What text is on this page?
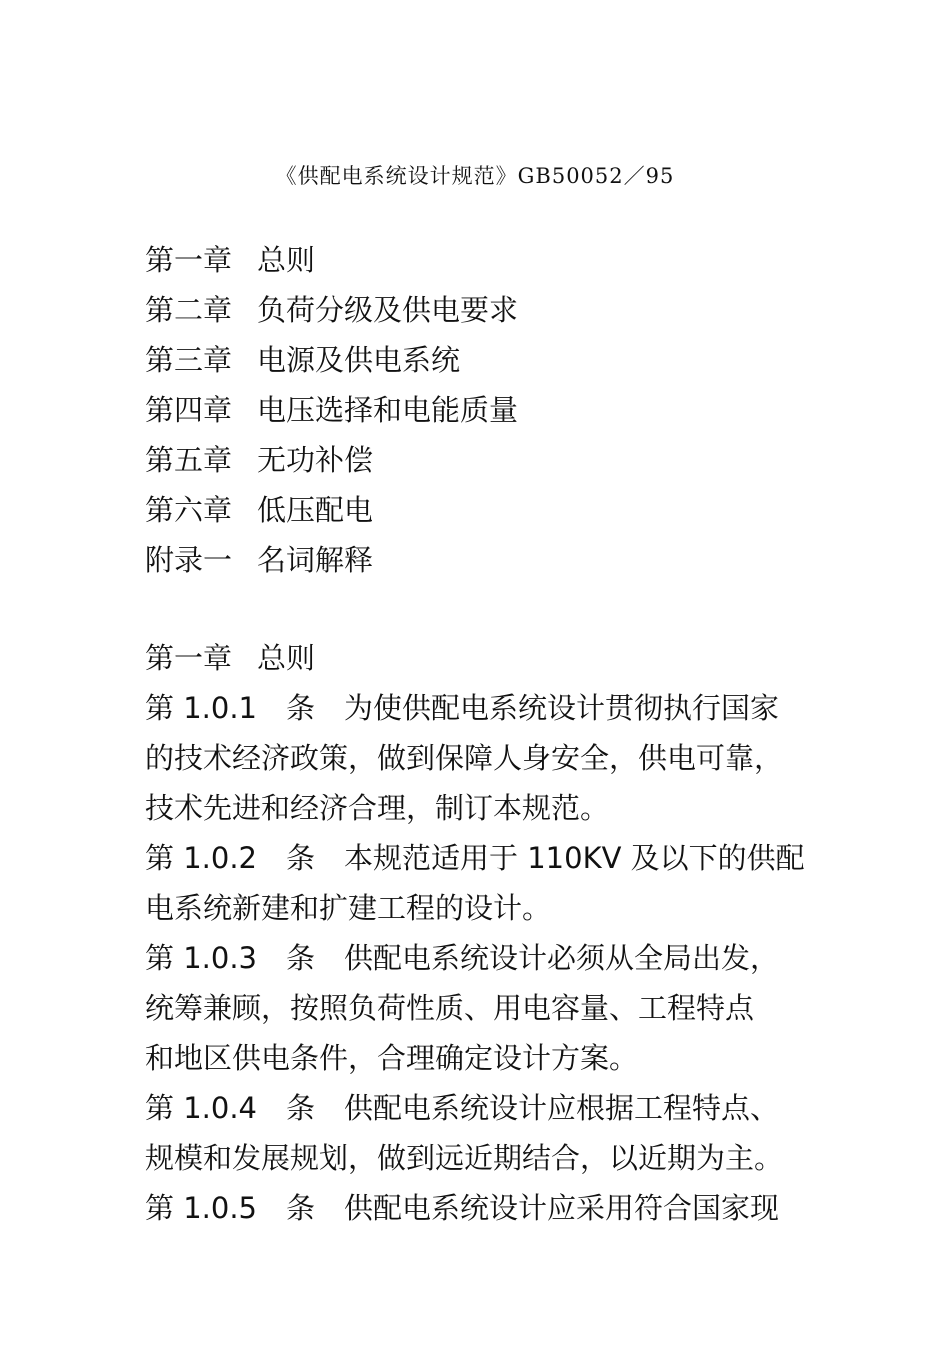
《供配电系统设计规范》GB50052／95
第一章 总则
第二章 负荷分级及供电要求
第三章 电源及供电系统
第四章 电压选择和电能质量
第五章 无功补偿
第六章 低压配电
附录一 名词解释
第一章 总则
第 1.0.1　条　为使供配电系统设计贯彻执行国家
的技术经济政策，做到保障人身安全，供电可靠，
技术先进和经济合理，制订本规范。
第 1.0.2　条　本规范适用于 110KV 及以下的供配
电系统新建和扩建工程的设计。
第 1.0.3　条　供配电系统设计必须从全局出发，
统筹兼顾，按照负荷性质、用电容量、工程特点
和地区供电条件，合理确定设计方案。
第 1.0.4　条　供配电系统设计应根据工程特点、
规模和发展规划，做到远近期结合，以近期为主。
第 1.0.5　条　供配电系统设计应采用符合国家现
